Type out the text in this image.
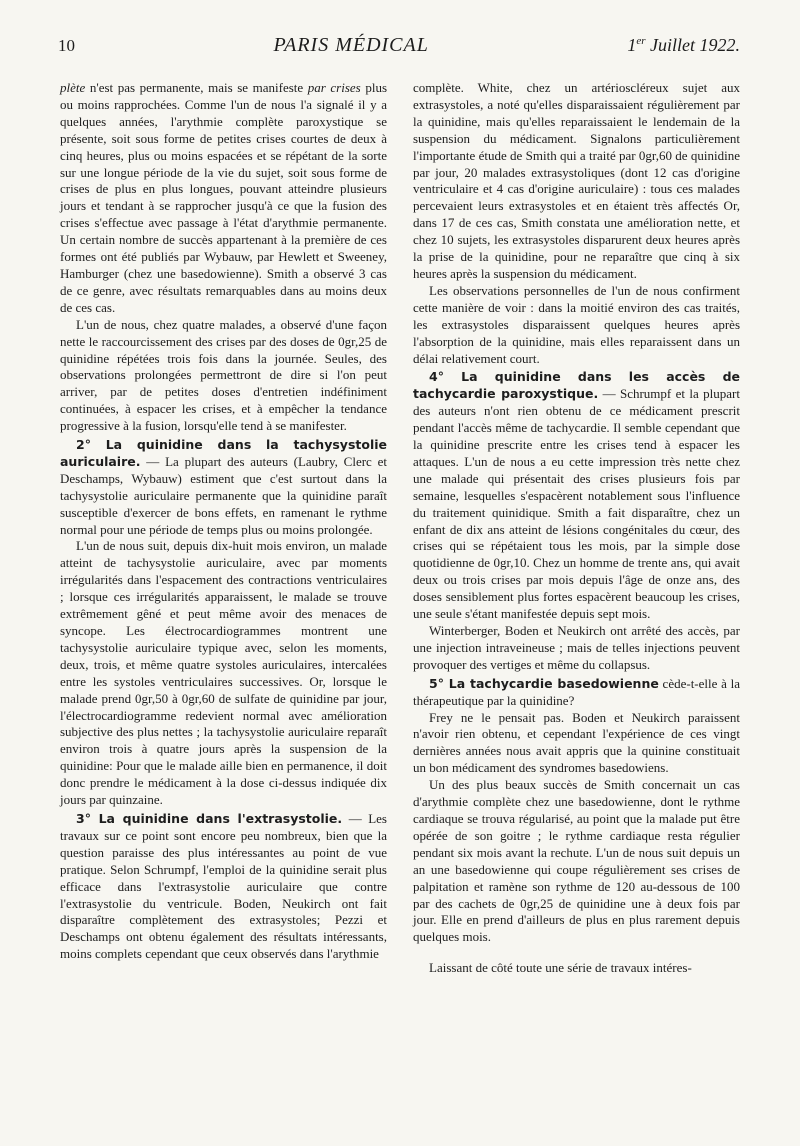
10	PARIS MÉDICAL	1er Juillet 1922.

plète n'est pas permanente, mais se manifeste par crises plus ou moins rapprochées. Comme l'un de nous l'a signalé il y a quelques années, l'arythmie complète paroxystique se présente, soit sous forme de petites crises courtes de deux à cinq heures, plus ou moins espacées et se répétant de la sorte sur une longue période de la vie du sujet, soit sous forme de crises de plus en plus longues, pouvant atteindre plusieurs jours et tendant à se rapprocher jusqu'à ce que la fusion des crises s'effectue avec passage à l'état d'arythmie permanente. Un certain nombre de succès appartenant à la première de ces formes ont été publiés par Wybauw, par Hewlett et Sweeney, Hamburger (chez une basedowienne). Smith a observé 3 cas de ce genre, avec résultats remarquables dans au moins deux de ces cas.

L'un de nous, chez quatre malades, a observé d'une façon nette le raccourcissement des crises par des doses de 0gr,25 de quinidine répétées trois fois dans la journée. Seules, des observations prolongées permettront de dire si l'on peut arriver, par de petites doses d'entretien indéfiniment continuées, à espacer les crises, et à empêcher la tendance progressive à la fusion, lorsqu'elle tend à se manifester.

2° La quinidine dans la tachysystolie auriculaire. — La plupart des auteurs (Laubry, Clerc et Deschamps, Wybauw) estiment que c'est surtout dans la tachysystolie auriculaire permanente que la quinidine paraît susceptible d'exercer de bons effets, en ramenant le rythme normal pour une période de temps plus ou moins prolongée.

L'un de nous suit, depuis dix-huit mois environ, un malade atteint de tachysystolie auriculaire, avec par moments irrégularités dans l'espacement des contractions ventriculaires ; lorsque ces irrégularités apparaissent, le malade se trouve extrêmement gêné et peut même avoir des menaces de syncope. Les électrocardiogrammes montrent une tachysystolie auriculaire typique avec, selon les moments, deux, trois, et même quatre systoles auriculaires, intercalées entre les systoles ventriculaires successives. Or, lorsque le malade prend 0gr,50 à 0gr,60 de sulfate de quinidine par jour, l'électrocardiogramme redevient normal avec amélioration subjective des plus nettes ; la tachysystolie auriculaire reparaît environ trois à quatre jours après la suspension de la quinidine: Pour que le malade aille bien en permanence, il doit donc prendre le médicament à la dose ci-dessus indiquée dix jours par quinzaine.

3° La quinidine dans l'extrasystolie. — Les travaux sur ce point sont encore peu nombreux, bien que la question paraisse des plus intéressantes au point de vue pratique. Selon Schrumpf, l'emploi de la quinidine serait plus efficace dans l'extrasystolie auriculaire que contre l'extrasystolie du ventricule. Boden, Neukirch ont fait disparaître complètement des extrasystoles; Pezzi et Deschamps ont obtenu également des résultats intéressants, moins complets cependant que ceux observés dans l'arythmie

complète. White, chez un artérioscléreux sujet aux extrasystoles, a noté qu'elles disparaissaient régulièrement par la quinidine, mais qu'elles reparaissaient le lendemain de la suspension du médicament. Signalons particulièrement l'importante étude de Smith qui a traité par 0gr,60 de quinidine par jour, 20 malades extrasystoliques (dont 12 cas d'origine ventriculaire et 4 cas d'origine auriculaire) : tous ces malades percevaient leurs extrasystoles et en étaient très affectés Or, dans 17 de ces cas, Smith constata une amélioration nette, et chez 10 sujets, les extrasystoles disparurent deux heures après la prise de la quinidine, pour ne reparaître que cinq à six heures après la suspension du médicament.

Les observations personnelles de l'un de nous confirment cette manière de voir : dans la moitié environ des cas traités, les extrasystoles disparaissent quelques heures après l'absorption de la quinidine, mais elles reparaissent dans un délai relativement court.

4° La quinidine dans les accès de tachycardie paroxystique. — Schrumpf et la plupart des auteurs n'ont rien obtenu de ce médicament prescrit pendant l'accès même de tachycardie. Il semble cependant que la quinidine prescrite entre les crises tend à espacer les attaques. L'un de nous a eu cette impression très nette chez une malade qui présentait des crises plusieurs fois par semaine, lesquelles s'espacèrent notablement sous l'influence du traitement quinidique. Smith a fait disparaître, chez un enfant de dix ans atteint de lésions congénitales du cœur, des crises qui se répétaient tous les mois, par la simple dose quotidienne de 0gr,10. Chez un homme de trente ans, qui avait deux ou trois crises par mois depuis l'âge de onze ans, des doses sensiblement plus fortes espacèrent beaucoup les crises, une seule s'étant manifestée depuis sept mois.

Winterberger, Boden et Neukirch ont arrêté des accès, par une injection intraveineuse ; mais de telles injections peuvent provoquer des vertiges et même du collapsus.

5° La tachycardie basedowienne cède-t-elle à la thérapeutique par la quinidine?

Frey ne le pensait pas. Boden et Neukirch paraissent n'avoir rien obtenu, et cependant l'expérience de ces vingt dernières années nous avait appris que la quinine constituait un bon médicament des syndromes basedowiens.

Un des plus beaux succès de Smith concernait un cas d'arythmie complète chez une basedowienne, dont le rythme cardiaque se trouva régularisé, au point que la malade put être opérée de son goitre ; le rythme cardiaque resta régulier pendant six mois avant la rechute. L'un de nous suit depuis un an une basedowienne qui coupe régulièrement ses crises de palpitation et ramène son rythme de 120 au-dessous de 100 par des cachets de 0gr,25 de quinidine une à deux fois par jour. Elle en prend d'ailleurs de plus en plus rarement depuis quelques mois.

Laissant de côté toute une série de travaux intéres-
